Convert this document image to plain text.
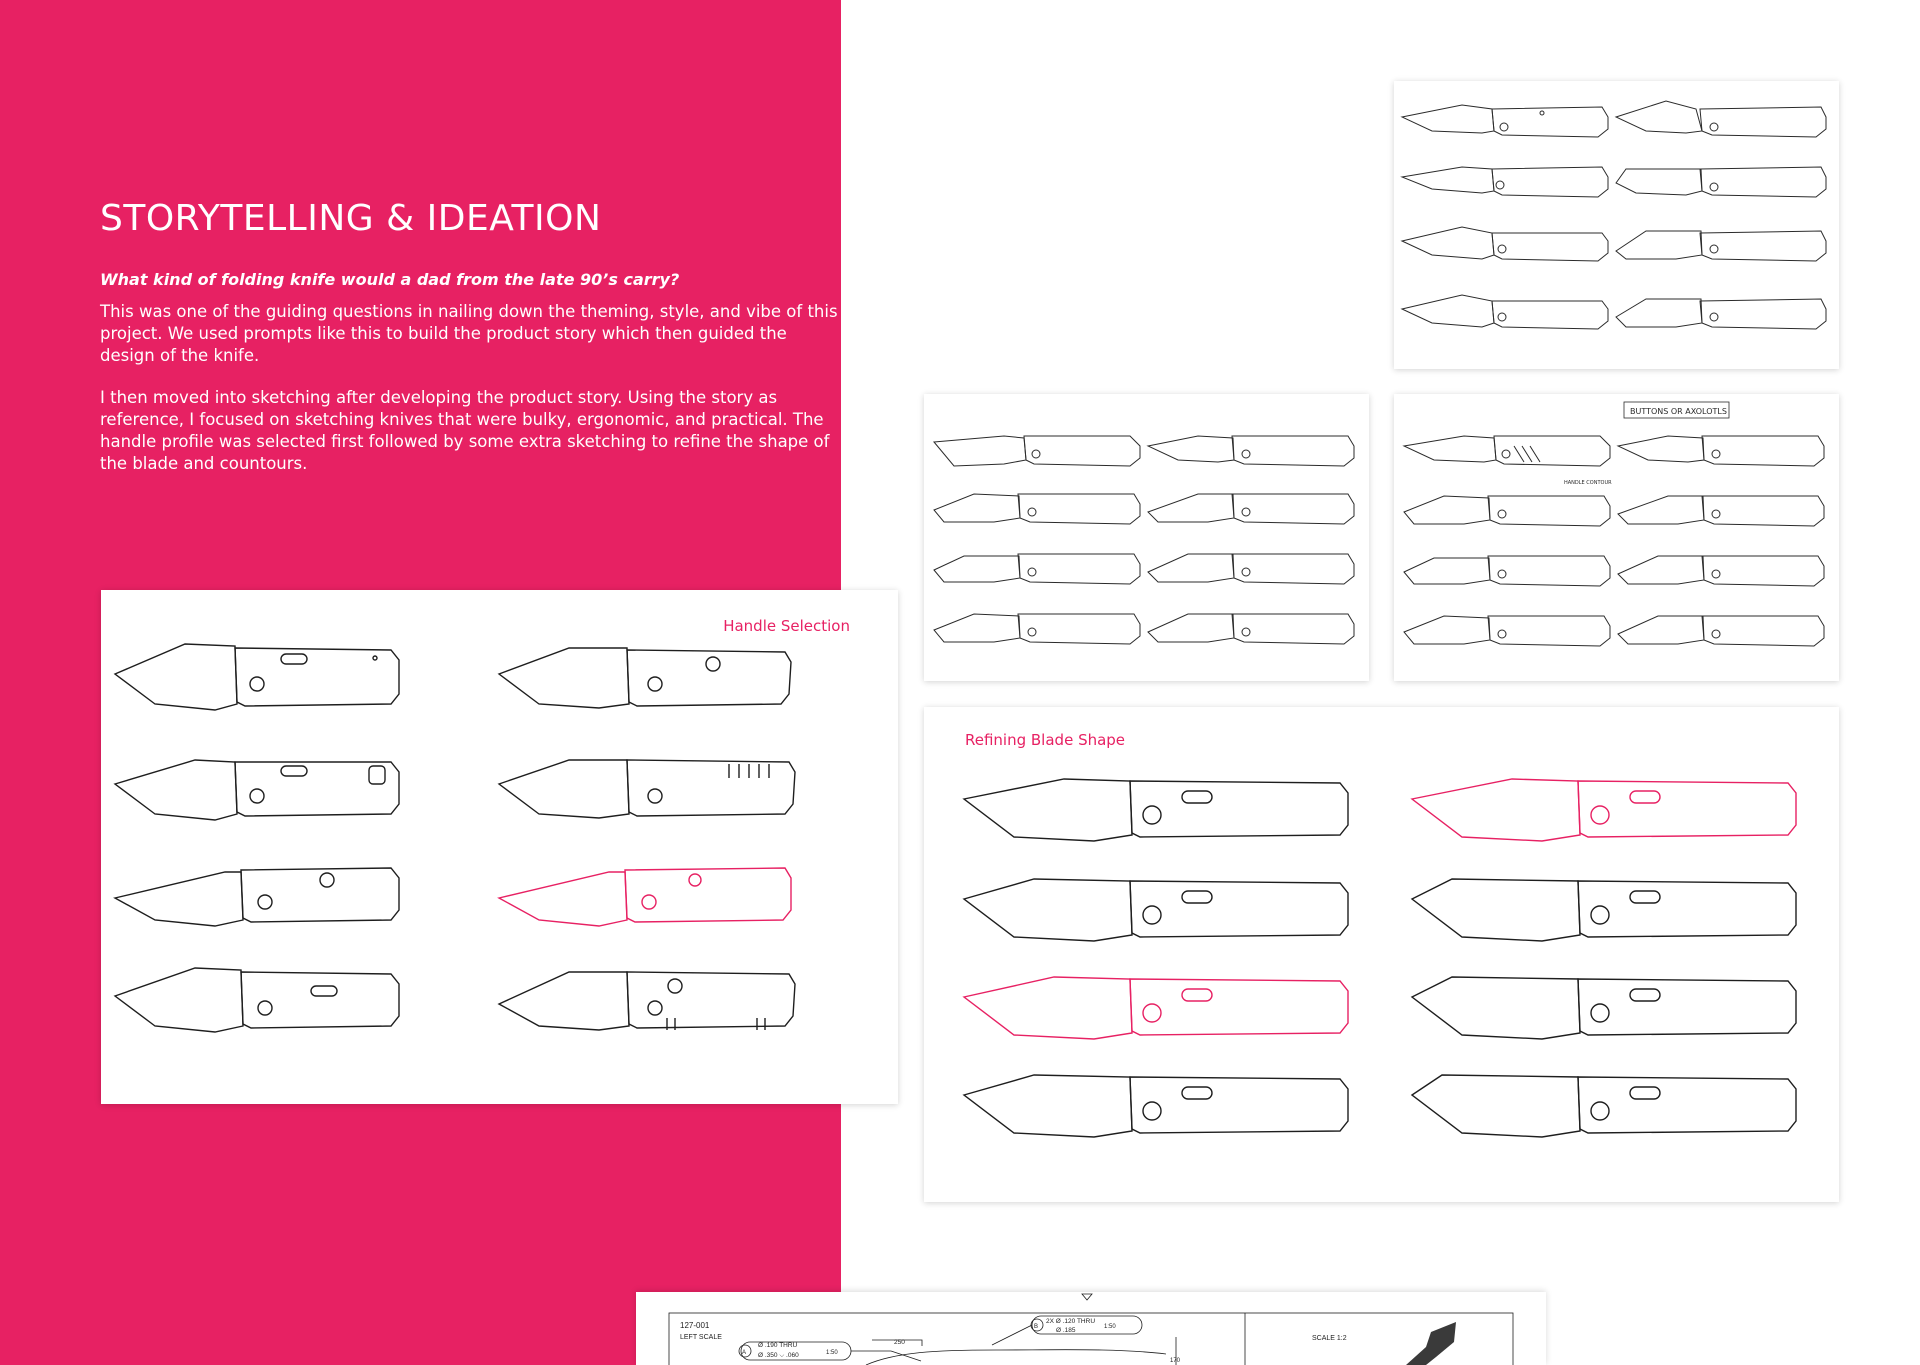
STORYTELLING & IDEATION

What kind of folding knife would a dad from the late 90’s carry?

This was one of the guiding questions in nailing down the theming, style, and vibe of this project. We used prompts like this to build the product story which then guided the design of the knife.

I then moved into sketching after developing the product story. Using the story as reference, I focused on sketching knives that were bulky, ergonomic, and practical. The handle profile was selected first followed by some extra sketching to refine the shape of the blade and countours.

BUTTONS OR AXOLOTLS
HANDLE CONTOUR
Handle Selection
Refining Blade Shape
127-001
LEFT SCALE
A
Ø .190 THRU
Ø .350 ⌵ .060	1:50
B
2X Ø .120 THRU
Ø .185	1:50
250
170
SCALE 1:2
